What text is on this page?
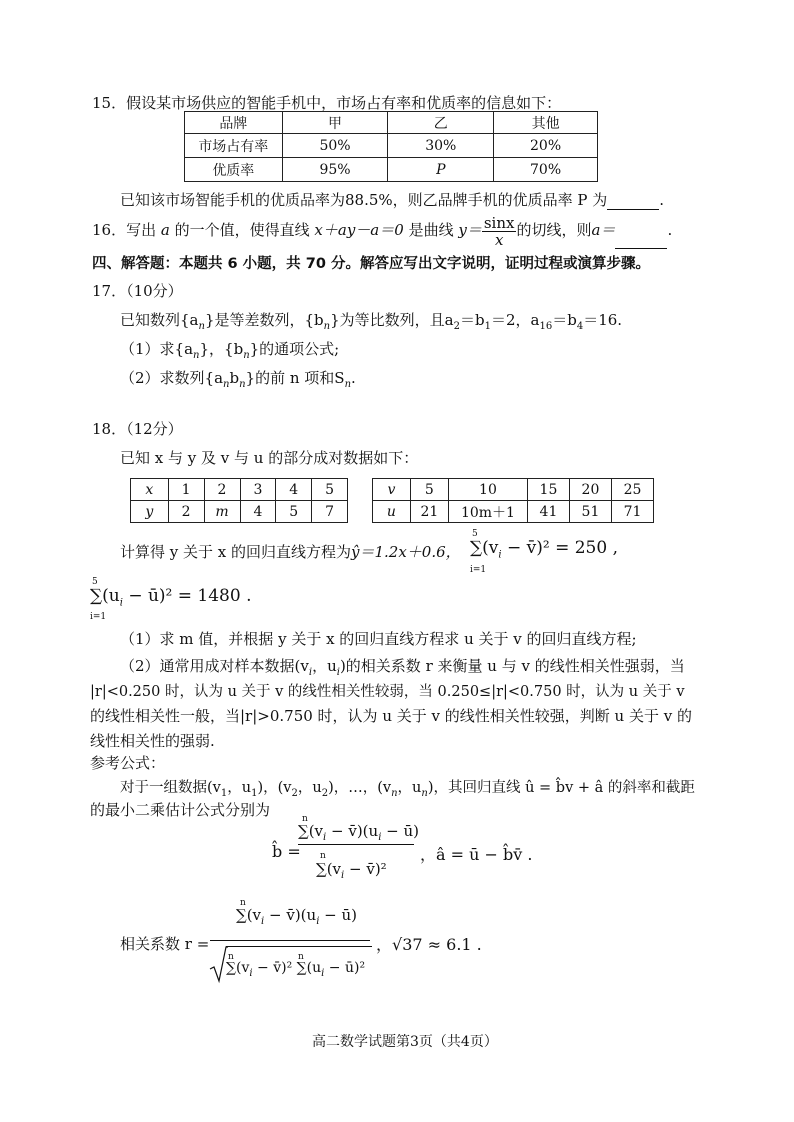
15．假设某市场供应的智能手机中，市场占有率和优质率的信息如下：
品牌	甲	乙	其他
市场占有率	50%	30%	20%
优质率	95%	P	70%
已知该市场智能手机的优质品率为88.5%，则乙品牌手机的优质品率 P 为	.
16．写出 a 的一个值，使得直线 x＋ay－a＝0 是曲线 $y= \frac{\sin x}{x}$ 的切线，则a＝	.
四、解答题：本题共 6 小题，共 70 分。解答应写出文字说明，证明过程或演算步骤。
17．（10分）
已知数列$\{a_n\}$是等差数列，$\{b_n\}$为等比数列，且$a_2=b_1=2$，$a_{16}=b_4=16$.
（1）求$\{a_n\}$，$\{b_n\}$的通项公式;
（2）求数列$\{a_nb_n\}$的前 n 项和$S_n$.
18．（12分）
已知 x 与 y 及 v 与 u 的部分成对数据如下：
x	1	2	3	4	5
y	2	m	4	5	7
v	5	10	15	20	25
u	21	10m＋1	41	51	71
计算得 y 关于 x 的回归直线方程为ŷ＝1.2x＋0.6，
5
i=1
$\sum(v_i$ − v̄)² = 250 ,
5
i=1
$\sum(u_i$ − ū)² = 1480 .
（1）求 m 值，并根据 y 关于 x 的回归直线方程求 u 关于 v 的回归直线方程;
（2）通常用成对样本数据($v_i$，$u_i$)的相关系数 r 来衡量 u 与 v 的线性相关性强弱，当
|r|<0.250 时，认为 u 关于 v 的线性相关性较弱，当 0.250≤|r|<0.750 时，认为 u 关于 v
的线性相关性一般，当|r|>0.750 时，认为 u 关于 v 的线性相关性较强，判断 u 关于 v 的
线性相关性的强弱.
参考公式：
对于一组数据($v_1$，$u_1$)，($v_2$，$u_2$)，…，($v_n$，$u_n$)，其回归直线 û = b̂v + â 的斜率和截距
的最小二乘估计公式分别为
b̂ =
n
$\sum(v_i$ − $v̄)(u_i$ − ū)
n
$\sum(v_i$ − v̄)²
，â = ū − b̂v̄ .
相关系数 r =
n
$\sum(v_i$ − $v̄)(u_i$ − ū)
n	n
$\sum(v_i$ − v̄)² $\sum(u_i$ − ū)²
，√37 ≈ 6.1 .
高二数学试题第3页（共4页）
